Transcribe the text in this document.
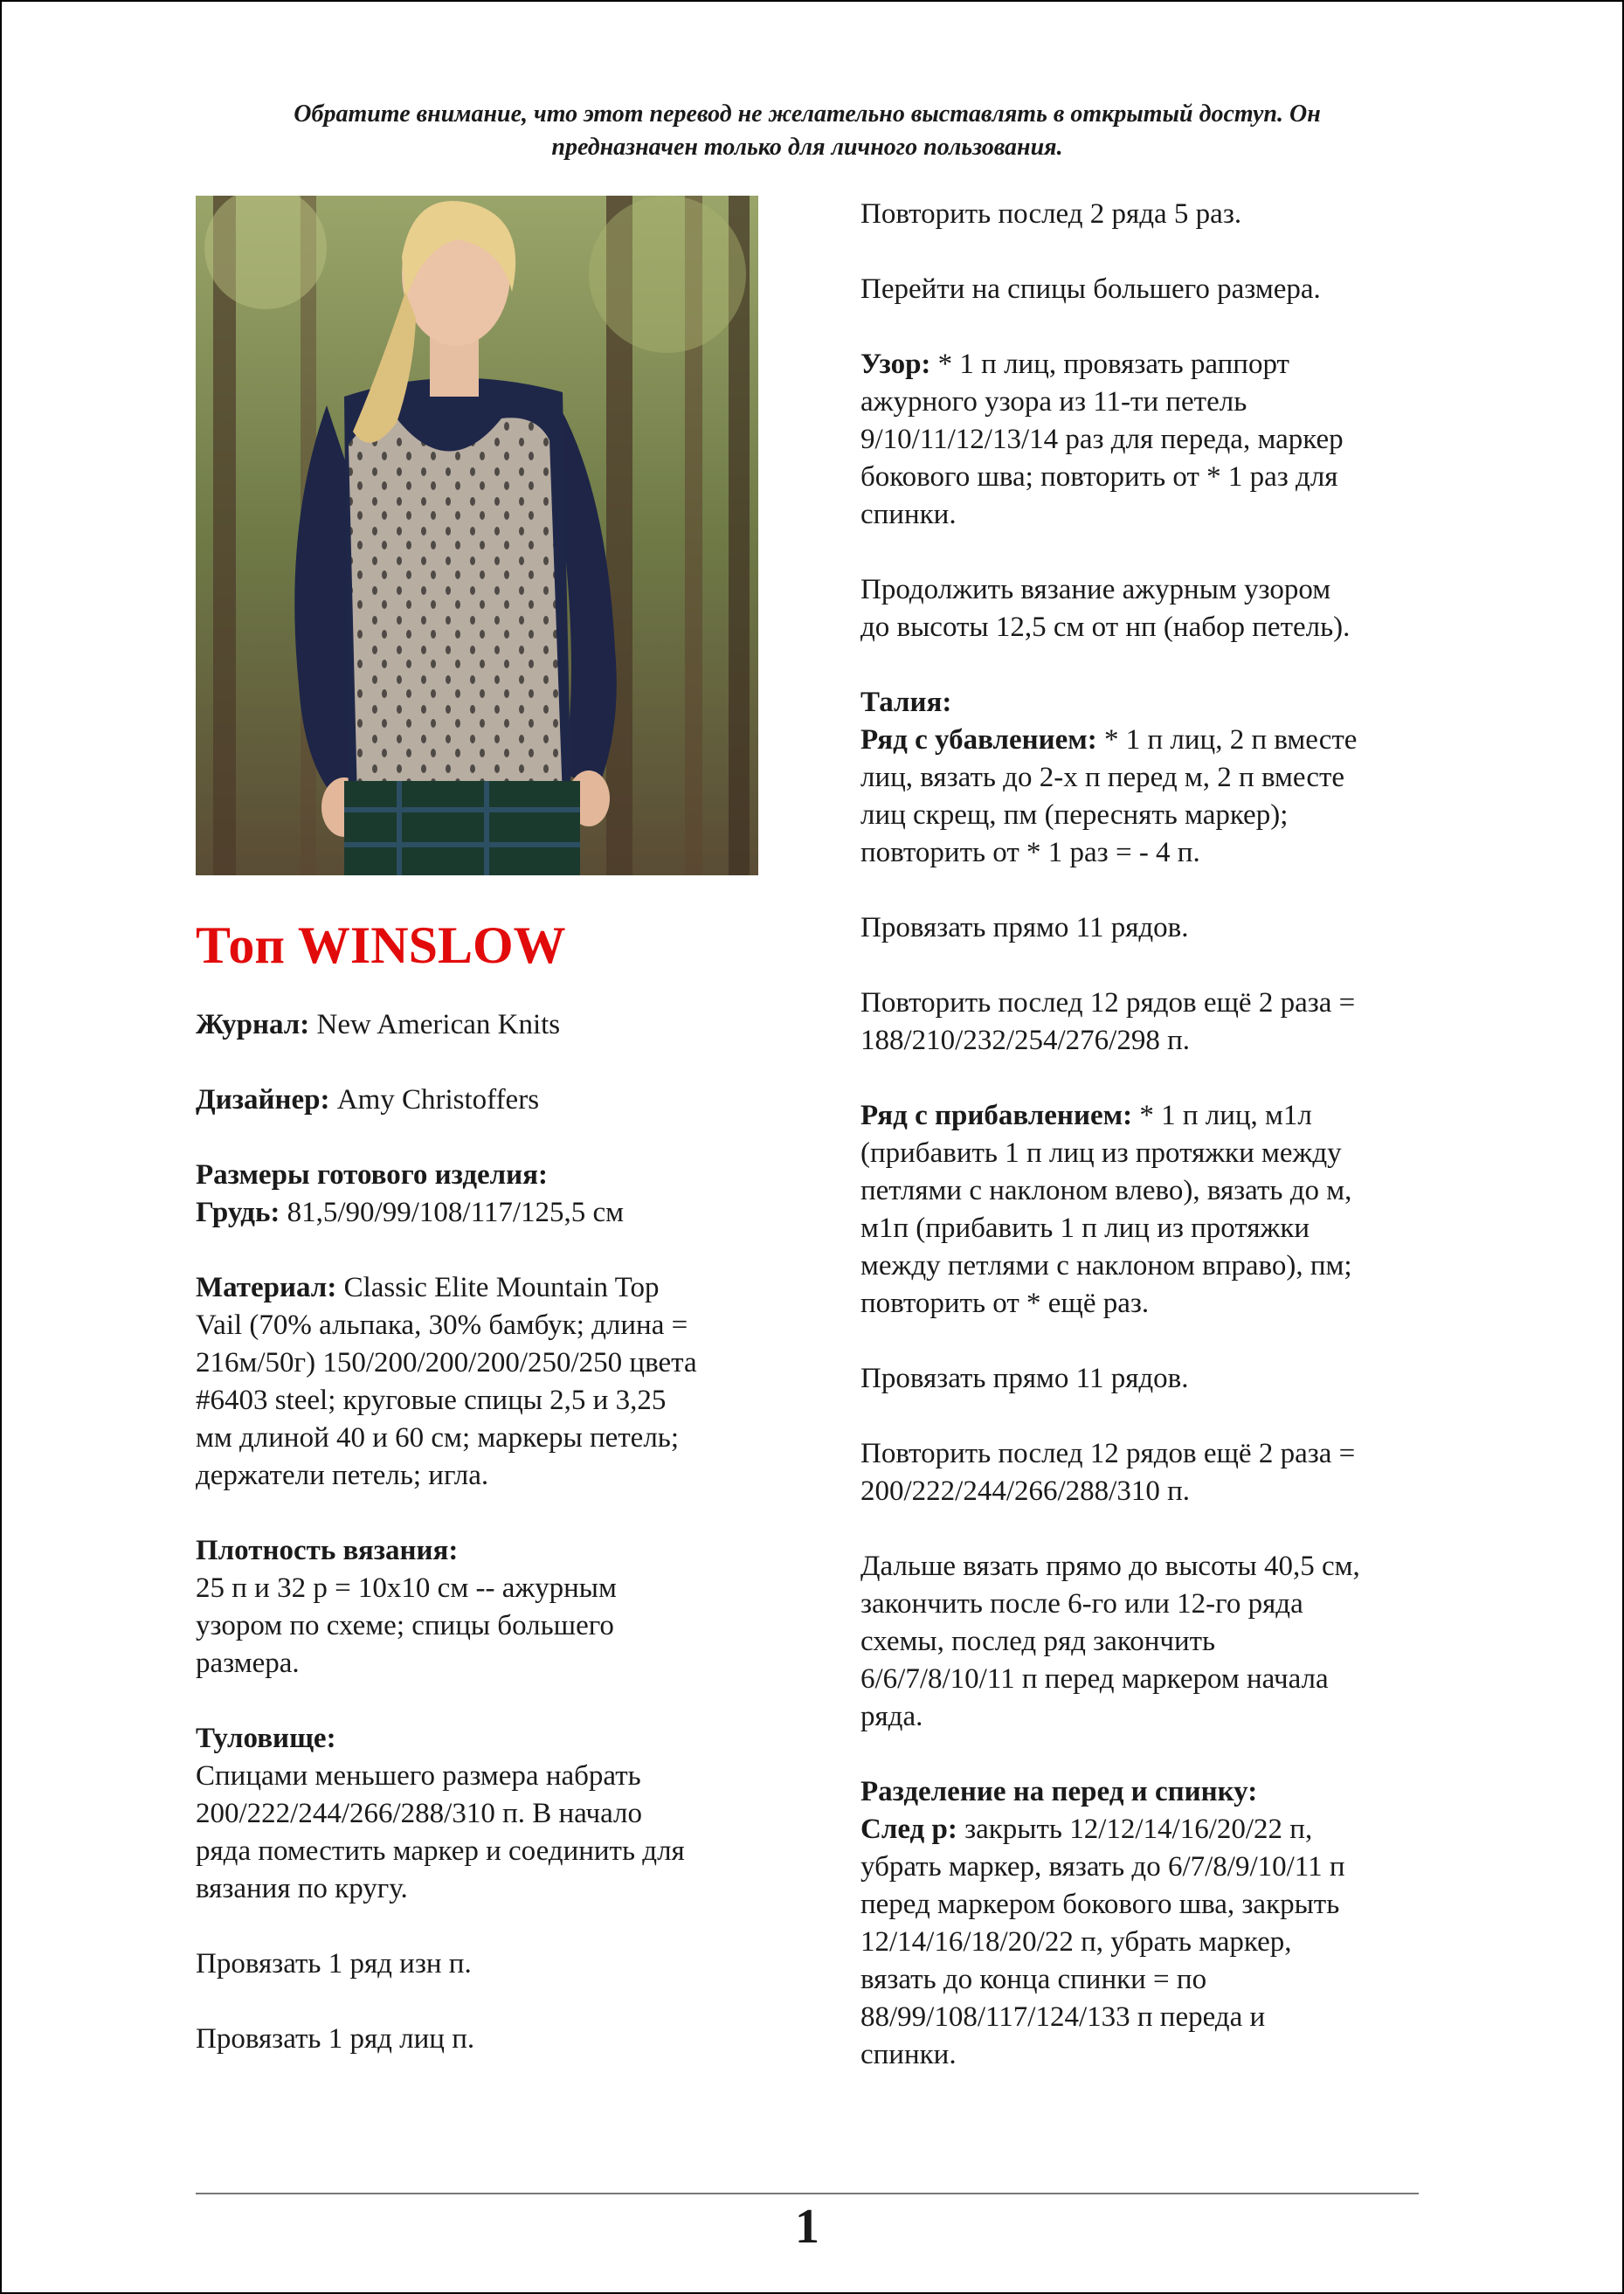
Обратите внимание, что этот перевод не желательно выставлять в открытый доступ. Он
предназначен только для личного пользования.
Топ WINSLOW
Журнал: New American Knits
Дизайнер: Amy Christoffers
Размеры готового изделия:
Грудь: 81,5/90/99/108/117/125,5 см
Материал: Classic Elite Mountain Top
Vail (70% альпака, 30% бамбук; длина =
216м/50г) 150/200/200/200/250/250 цвета
#6403 steel; круговые спицы 2,5 и 3,25
мм длиной 40 и 60 см; маркеры петель;
держатели петель; игла.
Плотность вязания:
25 п и 32 р = 10х10 см -- ажурным
узором по схеме; спицы большего
размера.
Туловище:
Спицами меньшего размера набрать
200/222/244/266/288/310 п. В начало
ряда поместить маркер и соединить для
вязания по кругу.
Провязать 1 ряд изн п.
Провязать 1 ряд лиц п.
Повторить послед 2 ряда 5 раз.
Перейти на спицы большего размера.
Узор: * 1 п лиц, провязать раппорт
ажурного узора из 11-ти петель
9/10/11/12/13/14 раз для переда, маркер
бокового шва; повторить от * 1 раз для
спинки.
Продолжить вязание ажурным узором
до высоты 12,5 см от нп (набор петель).
Талия:
Ряд с убавлением: * 1 п лиц, 2 п вместе
лиц, вязать до 2-х п перед м, 2 п вместе
лиц скрещ, пм (переснять маркер);
повторить от * 1 раз = - 4 п.
Провязать прямо 11 рядов.
Повторить послед 12 рядов ещё 2 раза =
188/210/232/254/276/298 п.
Ряд с прибавлением: * 1 п лиц, м1л
(прибавить 1 п лиц из протяжки между
петлями с наклоном влево), вязать до м,
м1п (прибавить 1 п лиц из протяжки
между петлями с наклоном вправо), пм;
повторить от * ещё раз.
Провязать прямо 11 рядов.
Повторить послед 12 рядов ещё 2 раза =
200/222/244/266/288/310 п.
Дальше вязать прямо до высоты 40,5 см,
закончить после 6-го или 12-го ряда
схемы, послед ряд закончить
6/6/7/8/10/11 п перед маркером начала
ряда.
Разделение на перед и спинку:
След р: закрыть 12/12/14/16/20/22 п,
убрать маркер, вязать до 6/7/8/9/10/11 п
перед маркером бокового шва, закрыть
12/14/16/18/20/22 п, убрать маркер,
вязать до конца спинки = по
88/99/108/117/124/133 п переда и
спинки.
1
